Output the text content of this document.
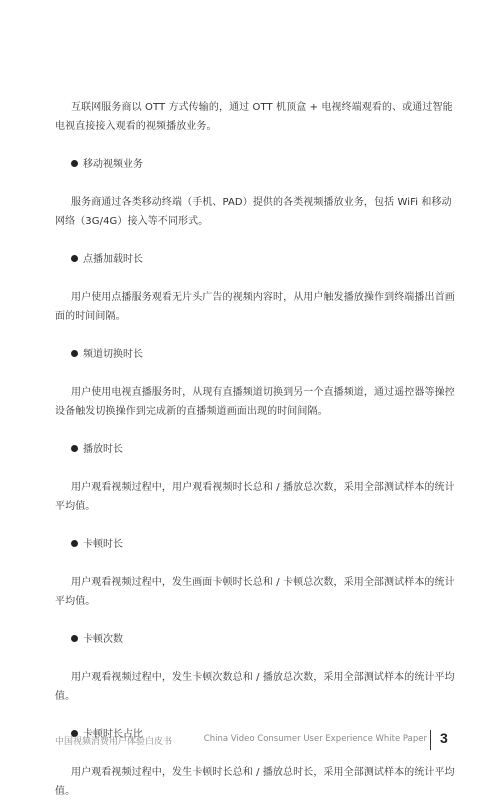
互联网服务商以 OTT 方式传输的，通过 OTT 机顶盒 + 电视终端观看的、或通过智能电视直接接入观看的视频播放业务。

移动视频业务

服务商通过各类移动终端（手机、PAD）提供的各类视频播放业务，包括 WiFi 和移动网络（3G/4G）接入等不同形式。

点播加载时长

用户使用点播服务观看无片头广告的视频内容时，从用户触发播放操作到终端播出首画面的时间间隔。

频道切换时长

用户使用电视直播服务时，从现有直播频道切换到另一个直播频道，通过遥控器等操控设备触发切换操作到完成新的直播频道画面出现的时间间隔。

播放时长

用户观看视频过程中，用户观看视频时长总和 / 播放总次数，采用全部测试样本的统计平均值。

卡顿时长

用户观看视频过程中，发生画面卡顿时长总和 / 卡顿总次数，采用全部测试样本的统计平均值。

卡顿次数

用户观看视频过程中，发生卡顿次数总和 / 播放总次数，采用全部测试样本的统计平均值。

卡顿时长占比

用户观看视频过程中，发生卡顿时长总和 / 播放总时长，采用全部测试样本的统计平均值。

中国视频消费用户体验白皮书	China Video Consumer User Experience White Paper 3
